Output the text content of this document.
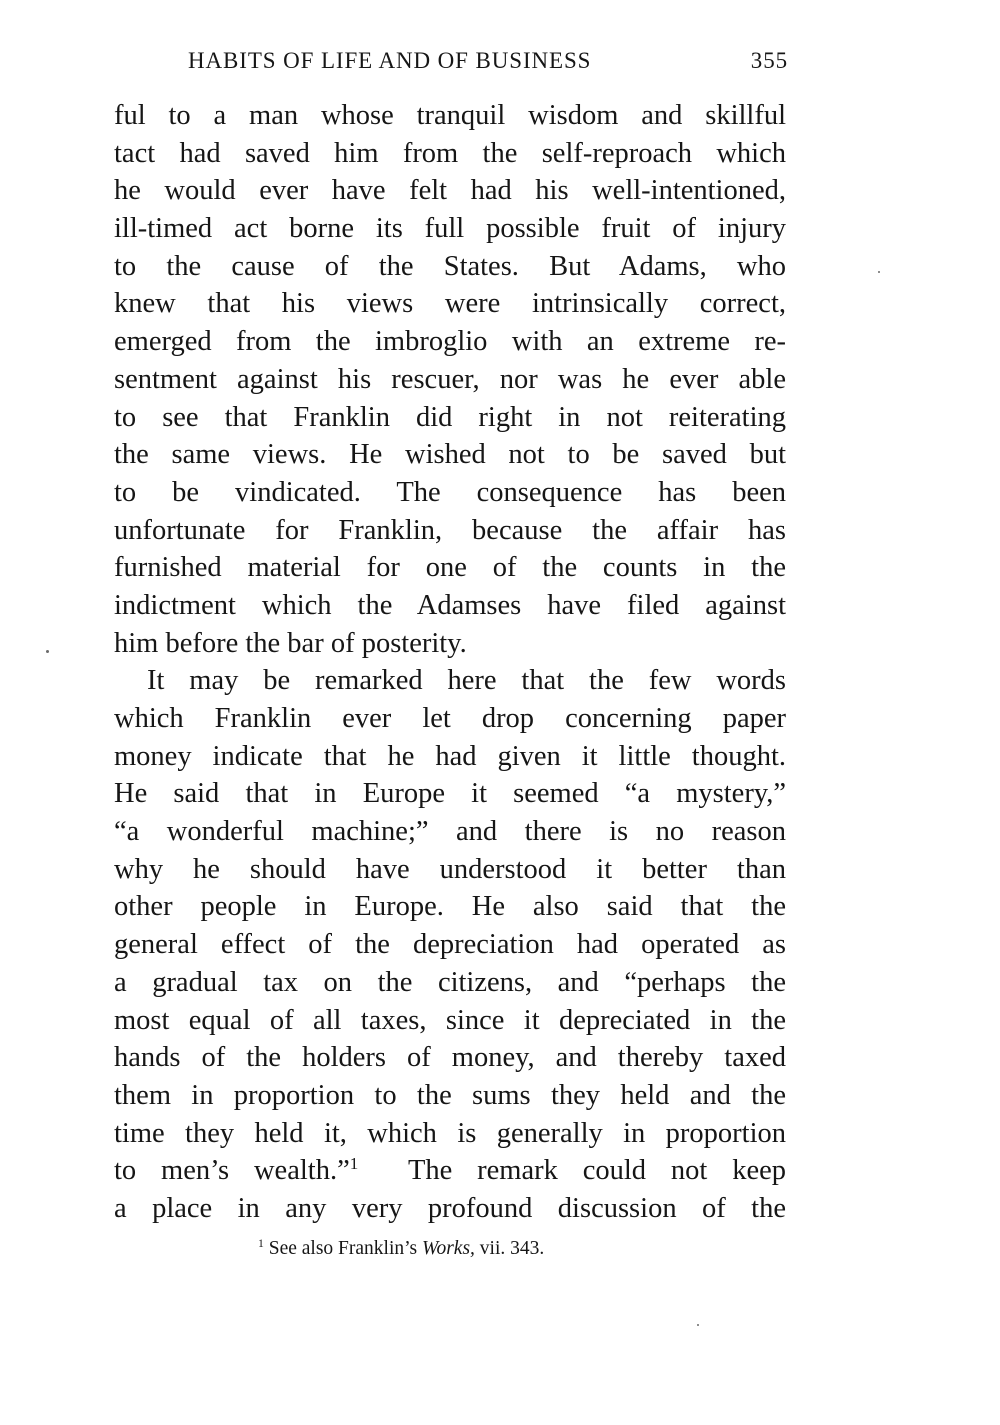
HABITS OF LIFE AND OF BUSINESS	355
ful to a man whose tranquil wisdom and skillful
tact had saved him from the self-reproach which
he would ever have felt had his well-intentioned,
ill-timed act borne its full possible fruit of injury
to the cause of the States. But Adams, who
knew that his views were intrinsically correct,
emerged from the imbroglio with an extreme re-
sentment against his rescuer, nor was he ever able
to see that Franklin did right in not reiterating
the same views. He wished not to be saved but
to be vindicated. The consequence has been
unfortunate for Franklin, because the affair has
furnished material for one of the counts in the
indictment which the Adamses have filed against
him before the bar of posterity.
It may be remarked here that the few words
which Franklin ever let drop concerning paper
money indicate that he had given it little thought.
He said that in Europe it seemed “a mystery,”
“a wonderful machine;” and there is no reason
why he should have understood it better than
other people in Europe. He also said that the
general effect of the depreciation had operated as
a gradual tax on the citizens, and “perhaps the
most equal of all taxes, since it depreciated in the
hands of the holders of money, and thereby taxed
them in proportion to the sums they held and the
time they held it, which is generally in proportion
to men’s wealth.”$^1$ The remark could not keep
a place in any very profound discussion of the
$^1$ See also Franklin’s Works, vii. 343.
